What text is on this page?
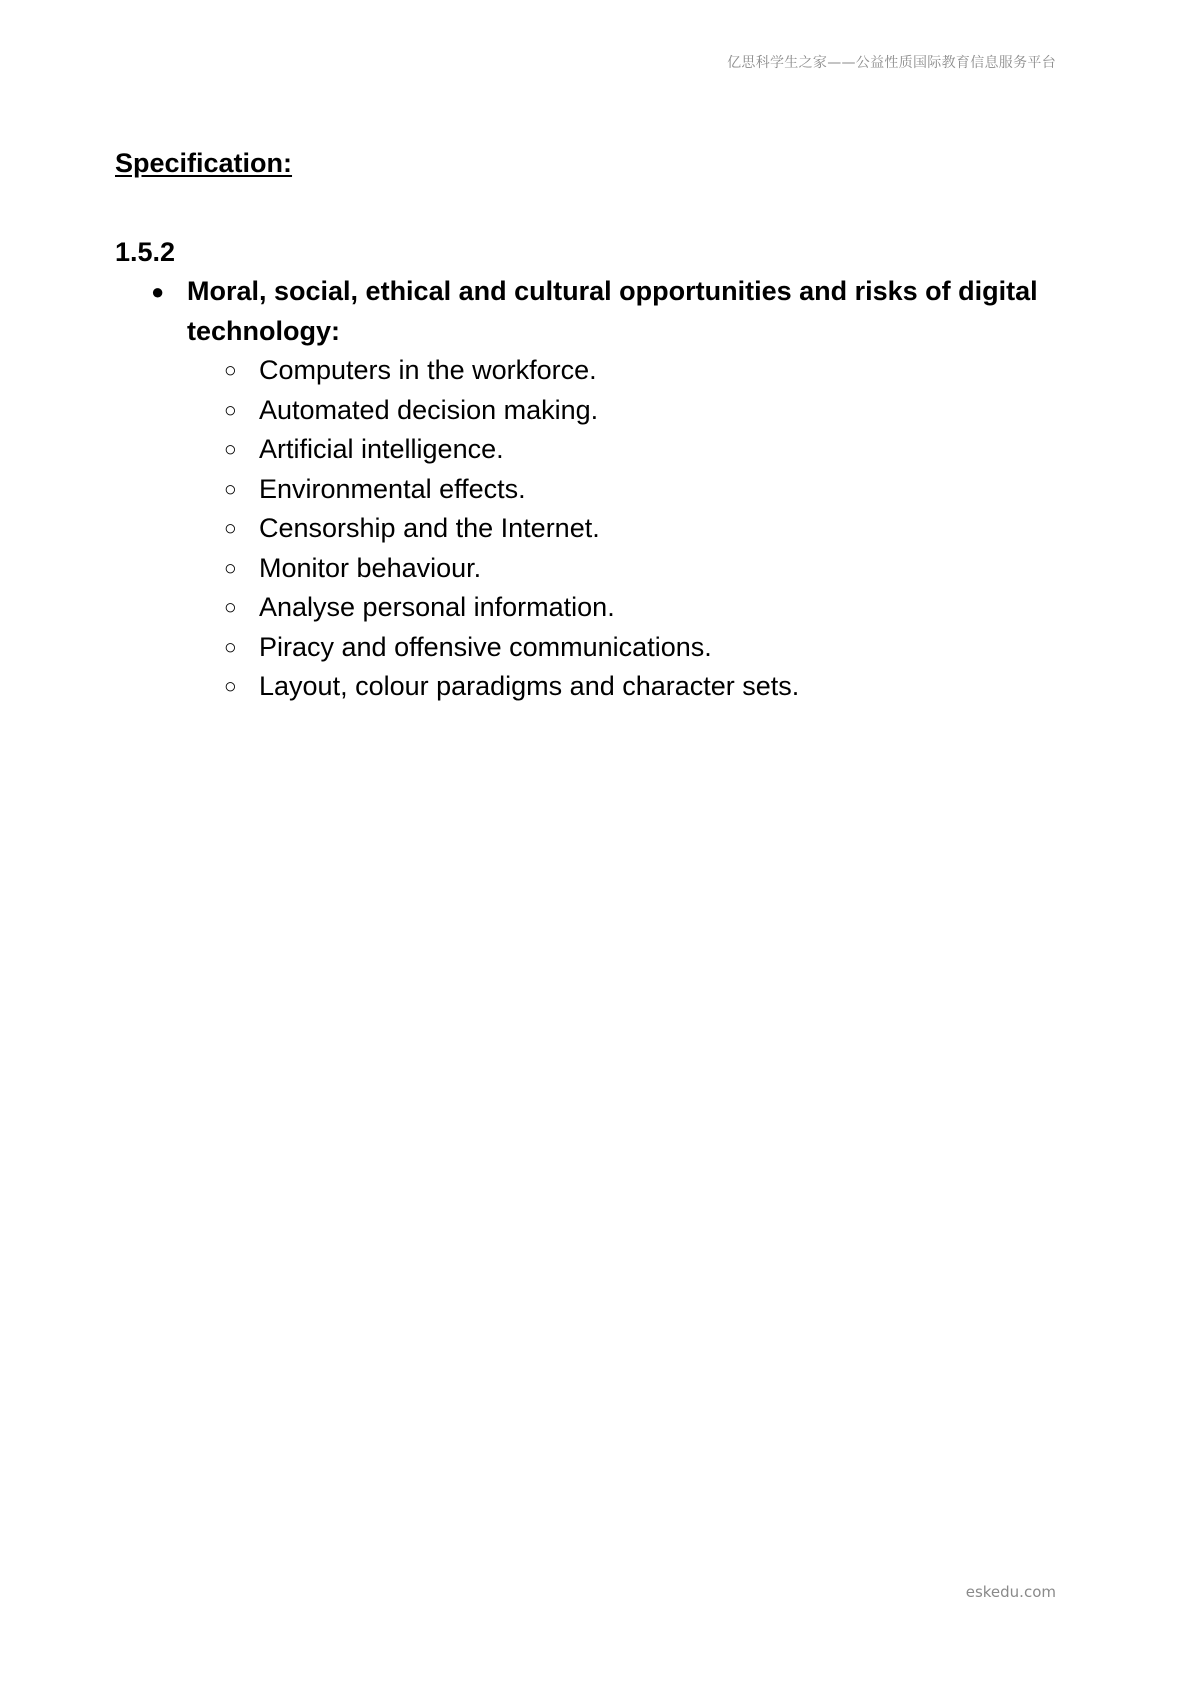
亿思科学生之家——公益性质国际教育信息服务平台
Specification:
1.5.2
● Moral, social, ethical and cultural opportunities and risks of digital technology:
○ Computers in the workforce.
○ Automated decision making.
○ Artificial intelligence.
○ Environmental effects.
○ Censorship and the Internet.
○ Monitor behaviour.
○ Analyse personal information.
○ Piracy and offensive communications.
○ Layout, colour paradigms and character sets.
eskedu.com
